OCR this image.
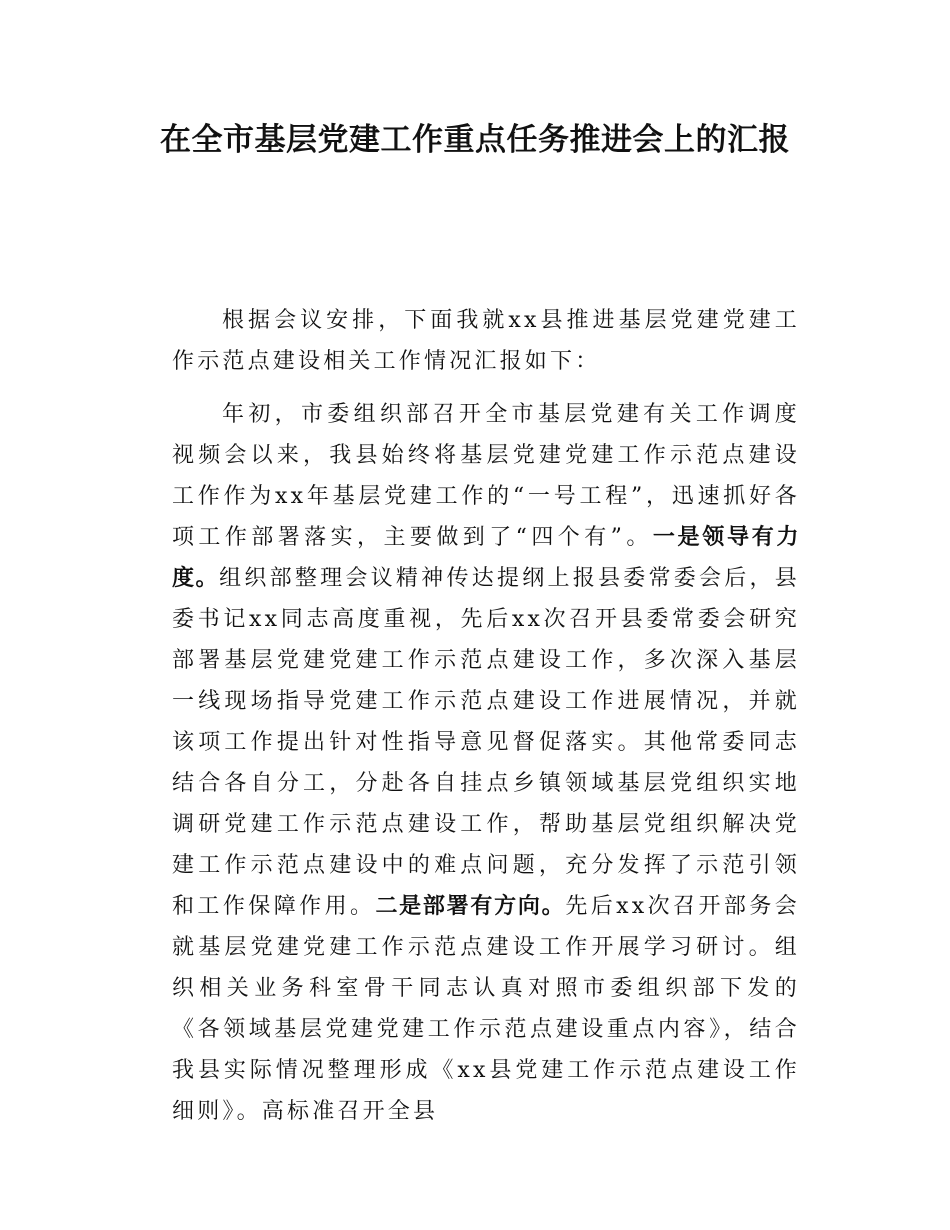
在全市基层党建工作重点任务推进会上的汇报

根据会议安排，下面我就xx县推进基层党建党建工作示范点建设相关工作情况汇报如下：

年初，市委组织部召开全市基层党建有关工作调度视频会以来，我县始终将基层党建党建工作示范点建设工作作为xx年基层党建工作的“一号工程”，迅速抓好各项工作部署落实，主要做到了“四个有”。一是领导有力度。组织部整理会议精神传达提纲上报县委常委会后，县委书记xx同志高度重视，先后xx次召开县委常委会研究部署基层党建党建工作示范点建设工作，多次深入基层一线现场指导党建工作示范点建设工作进展情况，并就该项工作提出针对性指导意见督促落实。其他常委同志结合各自分工，分赴各自挂点乡镇领域基层党组织实地调研党建工作示范点建设工作，帮助基层党组织解决党建工作示范点建设中的难点问题，充分发挥了示范引领和工作保障作用。二是部署有方向。先后xx次召开部务会就基层党建党建工作示范点建设工作开展学习研讨。组织相关业务科室骨干同志认真对照市委组织部下发的《各领域基层党建党建工作示范点建设重点内容》，结合我县实际情况整理形成《xx县党建工作示范点建设工作细则》。高标准召开全县
